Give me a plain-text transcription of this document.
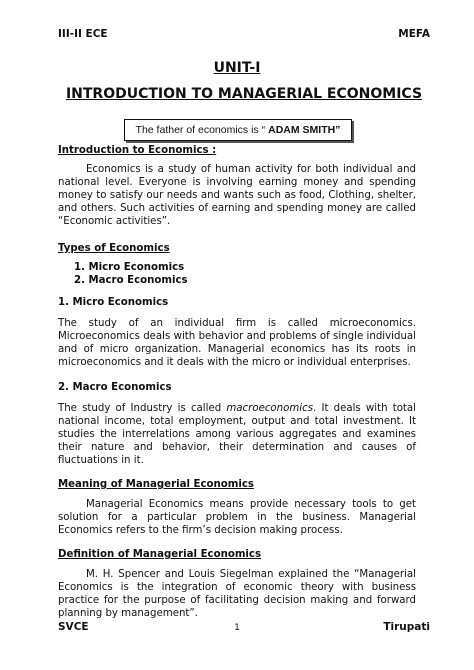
III-II ECE	MEFA

UNIT-I
INTRODUCTION TO MANAGERIAL ECONOMICS
The father of economics is “ ADAM SMITH”

Introduction to Economics :

Economics is a study of human activity for both individual and national level. Everyone is involving earning money and spending money to satisfy our needs and wants such as food, Clothing, shelter, and others. Such activities of earning and spending money are called “Economic activities”.

Types of Economics

1. Micro Economics
2. Macro Economics

1. Micro Economics

The study of an individual firm is called microeconomics. Microeconomics deals with behavior and problems of single individual and of micro organization. Managerial economics has its roots in microeconomics and it deals with the micro or individual enterprises.

2. Macro Economics

The study of Industry is called macroeconomics. It deals with total national income, total employment, output and total investment. It studies the interrelations among various aggregates and examines their nature and behavior, their determination and causes of fluctuations in it.

Meaning of Managerial Economics

Managerial Economics means provide necessary tools to get solution for a particular problem in the business. Managerial Economics refers to the firm’s decision making process.

Definition of Managerial Economics

M. H. Spencer and Louis Siegelman explained the “Managerial Economics is the integration of economic theory with business practice for the purpose of facilitating decision making and forward planning by management”.

SVCE	1	Tirupati
